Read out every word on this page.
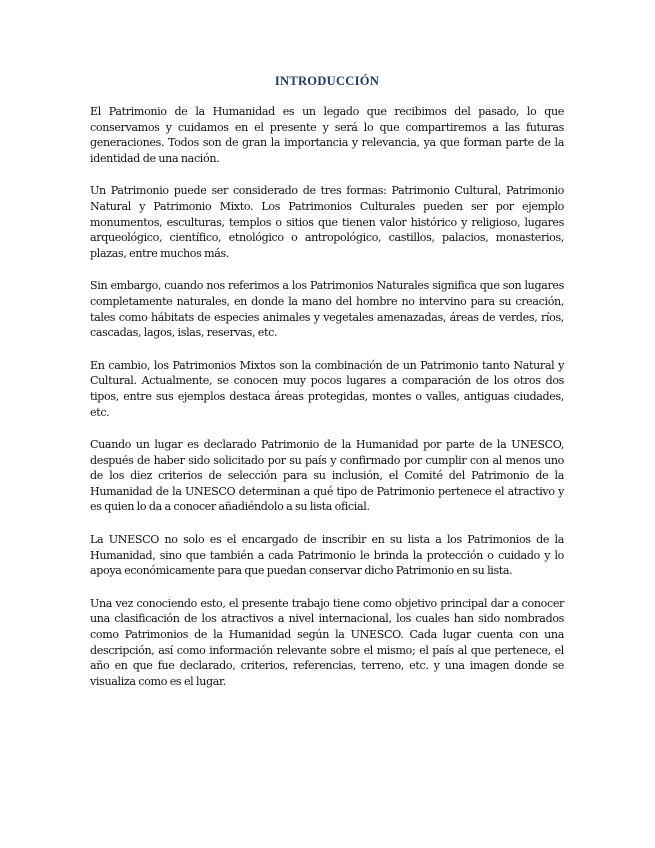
INTRODUCCIÓN

El Patrimonio de la Humanidad es un legado que recibimos del pasado, lo que conservamos y cuidamos en el presente y será lo que compartiremos a las futuras generaciones. Todos son de gran la importancia y relevancia, ya que forman parte de la identidad de una nación.

Un Patrimonio puede ser considerado de tres formas: Patrimonio Cultural, Patrimonio Natural y Patrimonio Mixto. Los Patrimonios Culturales pueden ser por ejemplo monumentos, esculturas, templos o sitios que tienen valor histórico y religioso, lugares arqueológico, científico, etnológico o antropológico, castillos, palacios, monasterios, plazas, entre muchos más.

Sin embargo, cuando nos referimos a los Patrimonios Naturales significa que son lugares completamente naturales, en donde la mano del hombre no intervino para su creación, tales como hábitats de especies animales y vegetales amenazadas, áreas de verdes, ríos, cascadas, lagos, islas, reservas, etc.

En cambio, los Patrimonios Mixtos son la combinación de un Patrimonio tanto Natural y Cultural. Actualmente, se conocen muy pocos lugares a comparación de los otros dos tipos, entre sus ejemplos destaca áreas protegidas, montes o valles, antiguas ciudades, etc.

Cuando un lugar es declarado Patrimonio de la Humanidad por parte de la UNESCO, después de haber sido solicitado por su país y confirmado por cumplir con al menos uno de los diez criterios de selección para su inclusión, el Comité del Patrimonio de la Humanidad de la UNESCO determinan a qué tipo de Patrimonio pertenece el atractivo y es quien lo da a conocer añadiéndolo a su lista oficial.

La UNESCO no solo es el encargado de inscribir en su lista a los Patrimonios de la Humanidad, sino que también a cada Patrimonio le brinda la protección o cuidado y lo apoya económicamente para que puedan conservar dicho Patrimonio en su lista.

Una vez conociendo esto, el presente trabajo tiene como objetivo principal dar a conocer una clasificación de los atractivos a nivel internacional, los cuales han sido nombrados como Patrimonios de la Humanidad según la UNESCO. Cada lugar cuenta con una descripción, así como información relevante sobre el mismo; el país al que pertenece, el año en que fue declarado, criterios, referencias, terreno, etc. y una imagen donde se visualiza como es el lugar.
